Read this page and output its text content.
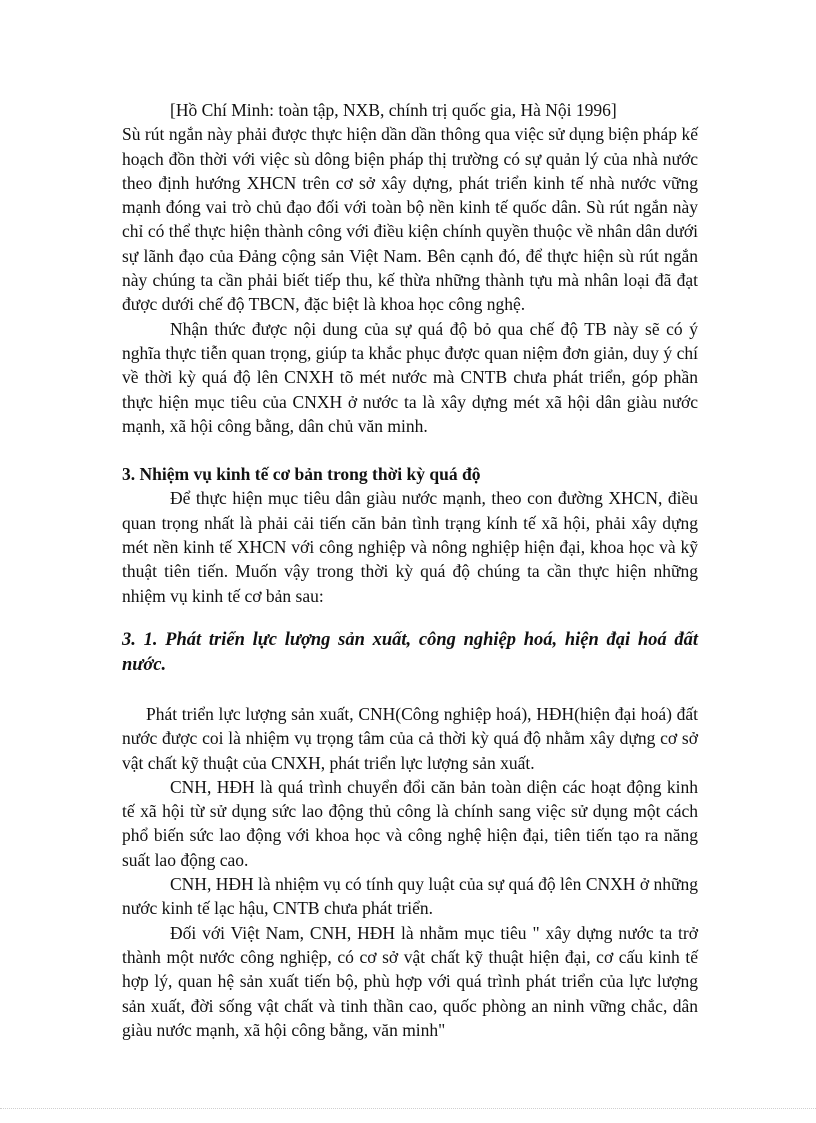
[Hồ Chí Minh: toàn tập, NXB, chính trị quốc gia, Hà Nội 1996]

Sù rút ngắn này phải được thực hiện dần dần thông qua việc sử dụng biện pháp kế hoạch đồn thời với việc sù dông biện pháp thị trường có sự quản lý của nhà nước theo định hướng XHCN trên cơ sở xây dựng, phát triển kinh tế nhà nước vững mạnh đóng vai trò chủ đạo đối với toàn bộ nền kinh tế quốc dân. Sù rút ngắn này chỉ có thể thực hiện thành công với điều kiện chính quyền thuộc về nhân dân dưới sự lãnh đạo của Đảng cộng sản Việt Nam. Bên cạnh đó, để thực hiện sù rút ngắn này chúng ta cần phải biết tiếp thu, kế thừa những thành tựu mà nhân loại đã đạt được dưới chế độ TBCN, đặc biệt là khoa học công nghệ.

Nhận thức được nội dung của sự quá độ bỏ qua chế độ TB này sẽ có ý nghĩa thực tiễn quan trọng, giúp ta khắc phục được quan niệm đơn giản, duy ý chí về thời kỳ quá độ lên CNXH tõ mét nước mà CNTB chưa phát triển, góp phần thực hiện mục tiêu của CNXH ở nước ta là xây dựng mét xã hội dân giàu nước mạnh, xã hội công bằng, dân chủ văn minh.

3. Nhiệm vụ kinh tế cơ bản trong thời kỳ quá độ

Để thực hiện mục tiêu dân giàu nước mạnh, theo con đường XHCN, điều quan trọng nhất là phải cải tiến căn bản tình trạng kính tế xã hội, phải xây dựng mét nền kinh tế XHCN với công nghiệp và nông nghiệp hiện đại, khoa học và kỹ thuật tiên tiến. Muốn vậy trong thời kỳ quá độ chúng ta cần thực hiện những nhiệm vụ kinh tế cơ bản sau:

3. 1. Phát triển lực lượng sản xuất, công nghiệp hoá, hiện đại hoá đất nước.

Phát triển lực lượng sản xuất, CNH(Công nghiệp hoá), HĐH(hiện đại hoá) đất nước được coi là nhiệm vụ trọng tâm của cả thời kỳ quá độ nhằm xây dựng cơ sở vật chất kỹ thuật của CNXH, phát triển lực lượng sản xuất.

CNH, HĐH là quá trình chuyển đổi căn bản toàn diện các hoạt động kinh tế xã hội từ sử dụng sức lao động thủ công là chính sang việc sử dụng một cách phổ biến sức lao động với khoa học và công nghệ hiện đại, tiên tiến tạo ra năng suất lao động cao.

CNH, HĐH là nhiệm vụ có tính quy luật của sự quá độ lên CNXH ở những nước kinh tế lạc hậu, CNTB chưa phát triển.

Đối với Việt Nam, CNH, HĐH là nhằm mục tiêu " xây dựng nước ta trở thành một nước công nghiệp, có cơ sở vật chất kỹ thuật hiện đại, cơ cấu kinh tế hợp lý, quan hệ sản xuất tiến bộ, phù hợp với quá trình phát triển của lực lượng sản xuất, đời sống vật chất và tinh thần cao, quốc phòng an ninh vững chắc, dân giàu nước mạnh, xã hội công bằng, văn minh"
